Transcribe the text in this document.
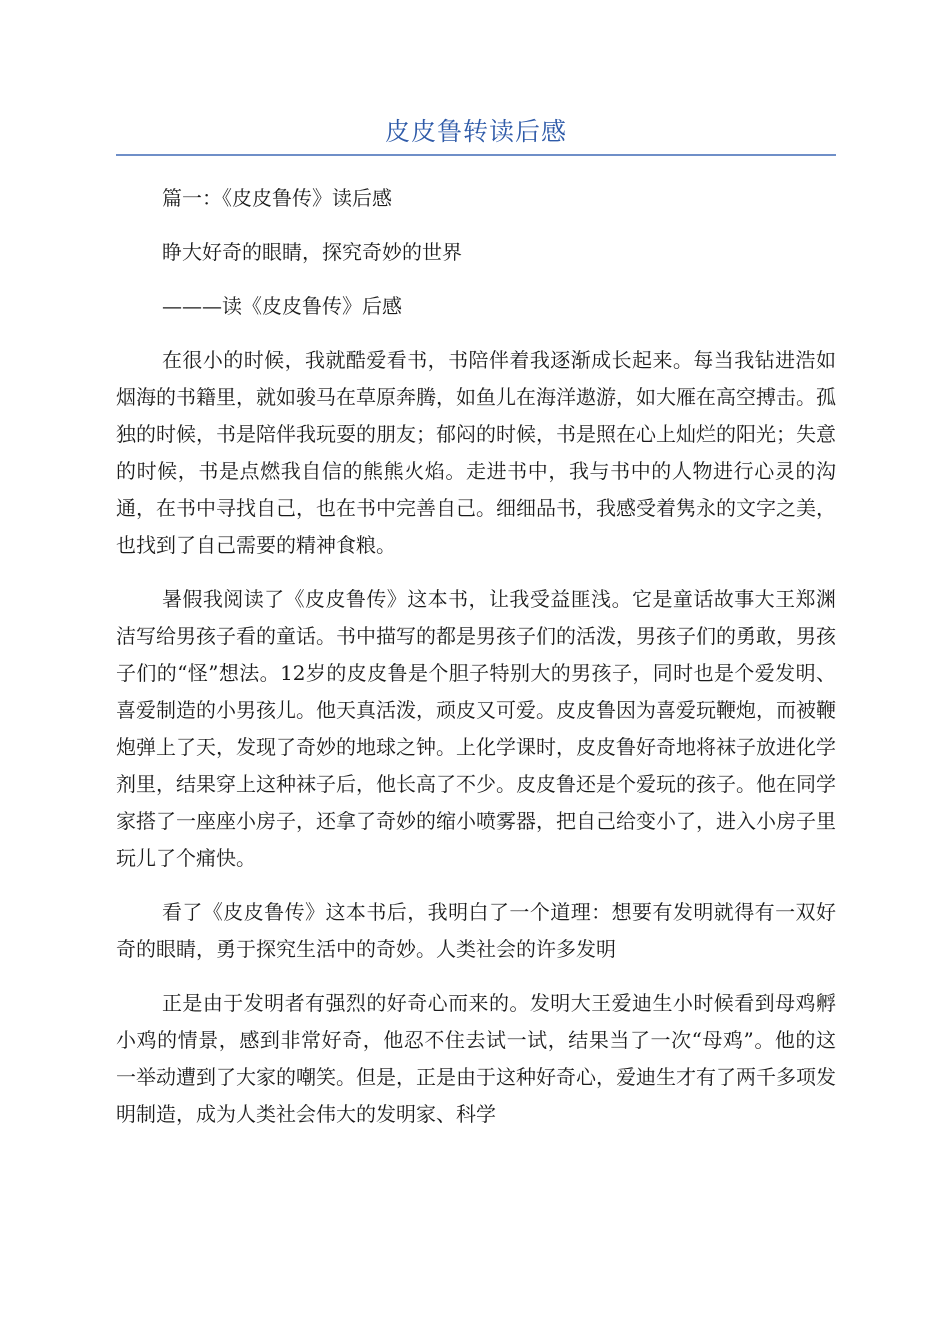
皮皮鲁转读后感

篇一：《皮皮鲁传》读后感

睁大好奇的眼睛，探究奇妙的世界

———读《皮皮鲁传》后感

在很小的时候，我就酷爱看书，书陪伴着我逐渐成长起来。每当我钻进浩如烟海的书籍里，就如骏马在草原奔腾，如鱼儿在海洋遨游，如大雁在高空搏击。孤独的时候，书是陪伴我玩耍的朋友；郁闷的时候，书是照在心上灿烂的阳光；失意的时候，书是点燃我自信的熊熊火焰。走进书中，我与书中的人物进行心灵的沟通，在书中寻找自己，也在书中完善自己。细细品书，我感受着隽永的文字之美，也找到了自己需要的精神食粮。

暑假我阅读了《皮皮鲁传》这本书，让我受益匪浅。它是童话故事大王郑渊洁写给男孩子看的童话。书中描写的都是男孩子们的活泼，男孩子们的勇敢，男孩子们的“怪”想法。12岁的皮皮鲁是个胆子特别大的男孩子，同时也是个爱发明、喜爱制造的小男孩儿。他天真活泼，顽皮又可爱。皮皮鲁因为喜爱玩鞭炮，而被鞭炮弹上了天，发现了奇妙的地球之钟。上化学课时，皮皮鲁好奇地将袜子放进化学剂里，结果穿上这种袜子后，他长高了不少。皮皮鲁还是个爱玩的孩子。他在同学家搭了一座座小房子，还拿了奇妙的缩小喷雾器，把自己给变小了，进入小房子里玩儿了个痛快。

看了《皮皮鲁传》这本书后，我明白了一个道理：想要有发明就得有一双好奇的眼睛，勇于探究生活中的奇妙。人类社会的许多发明

正是由于发明者有强烈的好奇心而来的。发明大王爱迪生小时候看到母鸡孵小鸡的情景，感到非常好奇，他忍不住去试一试，结果当了一次“母鸡”。他的这一举动遭到了大家的嘲笑。但是，正是由于这种好奇心，爱迪生才有了两千多项发明制造，成为人类社会伟大的发明家、科学
